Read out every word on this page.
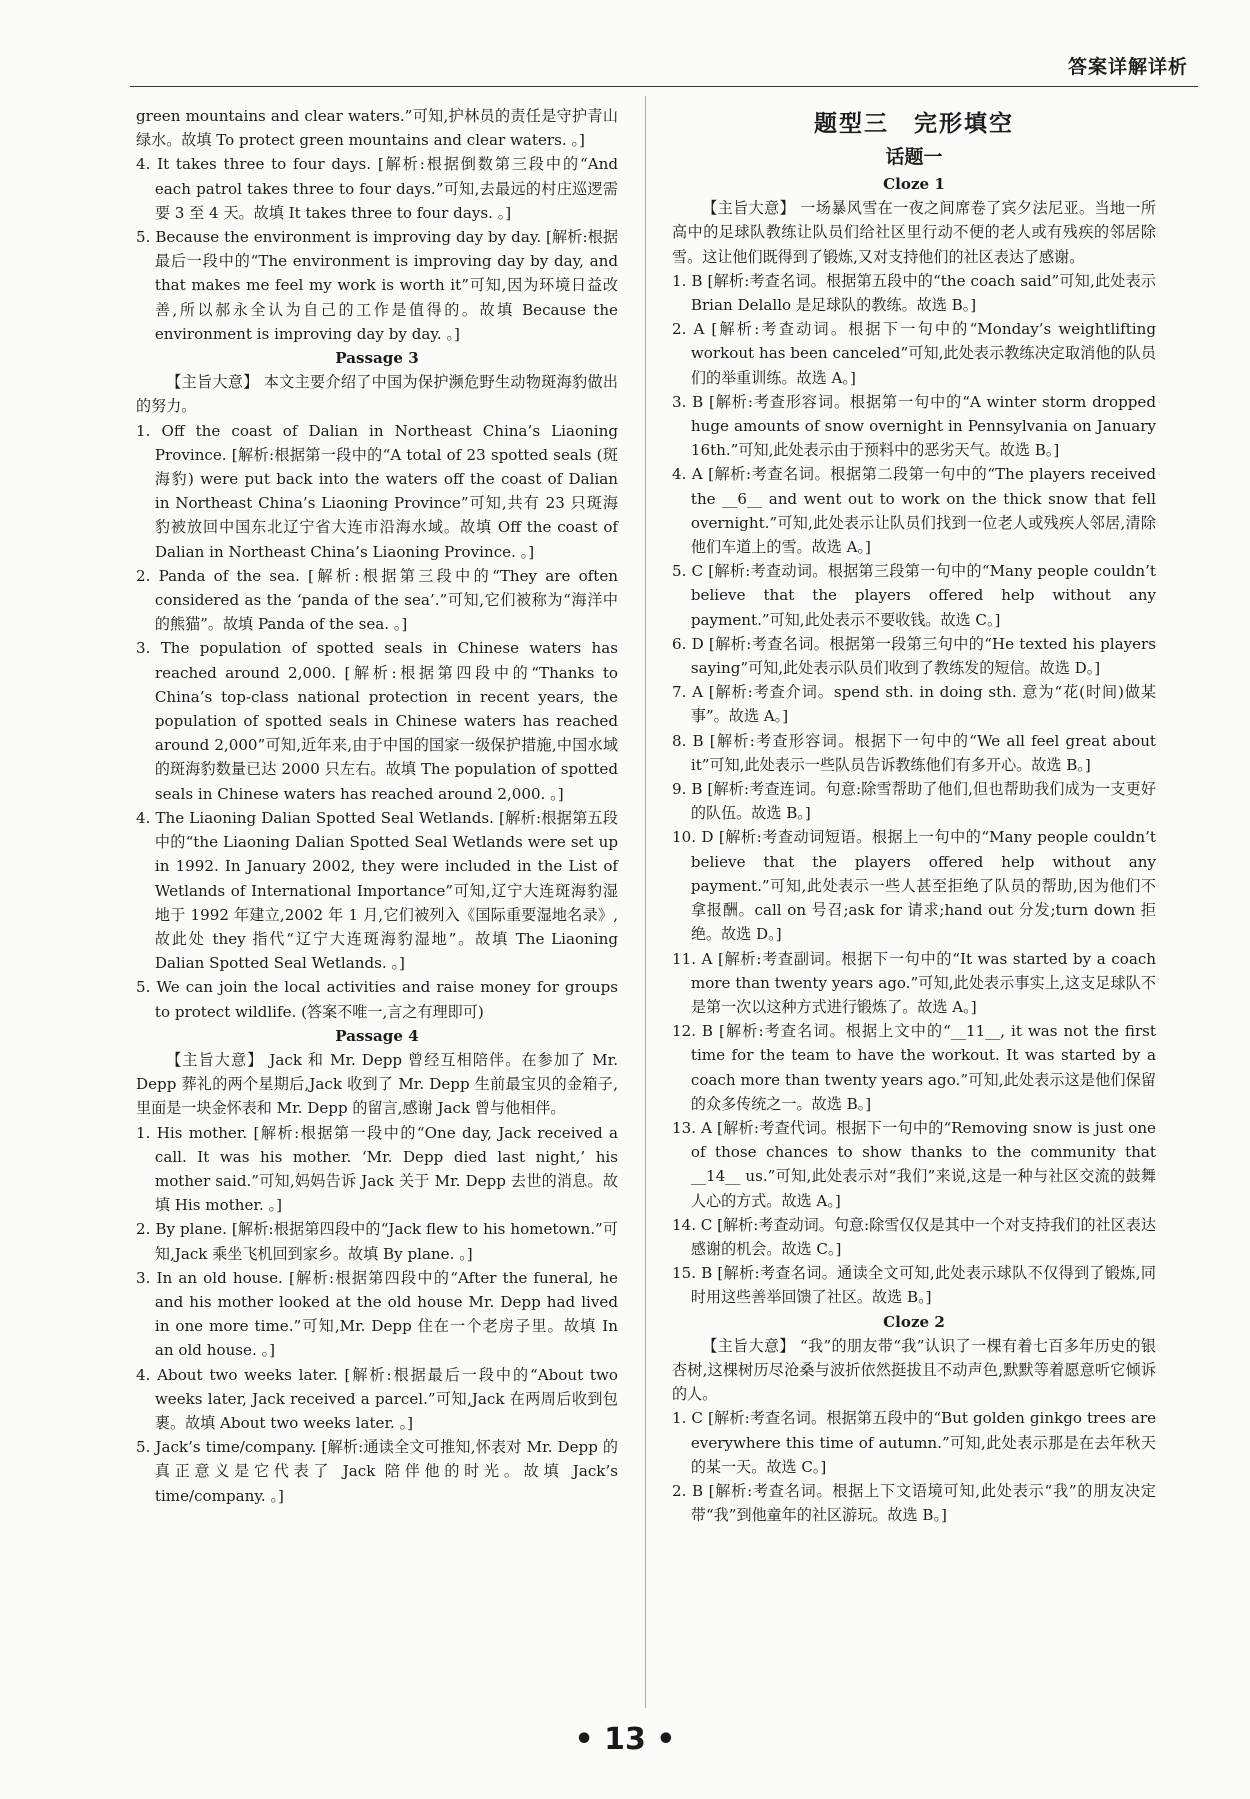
答案详解详析

green mountains and clear waters.”可知,护林员的责任是守护青山绿水。故填 To protect green mountains and clear waters. 。]

4. It takes three to four days. [解析:根据倒数第三段中的“And each patrol takes three to four days.”可知,去最远的村庄巡逻需要 3 至 4 天。故填 It takes three to four days. 。]

5. Because the environment is improving day by day. [解析:根据最后一段中的“The environment is improving day by day, and that makes me feel my work is worth it”可知,因为环境日益改善,所以郝永全认为自己的工作是值得的。故填 Because the environment is improving day by day. 。]

Passage 3

【主旨大意】 本文主要介绍了中国为保护濒危野生动物斑海豹做出的努力。

1. Off the coast of Dalian in Northeast China’s Liaoning Province. [解析:根据第一段中的“A total of 23 spotted seals (斑海豹) were put back into the waters off the coast of Dalian in Northeast China’s Liaoning Province”可知,共有 23 只斑海豹被放回中国东北辽宁省大连市沿海水域。故填 Off the coast of Dalian in Northeast China’s Liaoning Province. 。]

2. Panda of the sea. [解析:根据第三段中的“They are often considered as the ‘panda of the sea’.”可知,它们被称为“海洋中的熊猫”。故填 Panda of the sea. 。]

3. The population of spotted seals in Chinese waters has reached around 2,000. [解析:根据第四段中的“Thanks to China’s top-class national protection in recent years, the population of spotted seals in Chinese waters has reached around 2,000”可知,近年来,由于中国的国家一级保护措施,中国水域的斑海豹数量已达 2000 只左右。故填 The population of spotted seals in Chinese waters has reached around 2,000. 。]

4. The Liaoning Dalian Spotted Seal Wetlands. [解析:根据第五段中的“the Liaoning Dalian Spotted Seal Wetlands were set up in 1992. In January 2002, they were included in the List of Wetlands of International Importance”可知,辽宁大连斑海豹湿地于 1992 年建立,2002 年 1 月,它们被列入《国际重要湿地名录》,故此处 they 指代“辽宁大连斑海豹湿地”。故填 The Liaoning Dalian Spotted Seal Wetlands. 。]

5. We can join the local activities and raise money for groups to protect wildlife. (答案不唯一,言之有理即可)

Passage 4

【主旨大意】 Jack 和 Mr. Depp 曾经互相陪伴。在参加了 Mr. Depp 葬礼的两个星期后,Jack 收到了 Mr. Depp 生前最宝贝的金箱子,里面是一块金怀表和 Mr. Depp 的留言,感谢 Jack 曾与他相伴。

1. His mother. [解析:根据第一段中的“One day, Jack received a call. It was his mother. ‘Mr. Depp died last night,’ his mother said.”可知,妈妈告诉 Jack 关于 Mr. Depp 去世的消息。故填 His mother. 。]

2. By plane. [解析:根据第四段中的“Jack flew to his hometown.”可知,Jack 乘坐飞机回到家乡。故填 By plane. 。]

3. In an old house. [解析:根据第四段中的“After the funeral, he and his mother looked at the old house Mr. Depp had lived in one more time.”可知,Mr. Depp 住在一个老房子里。故填 In an old house. 。]

4. About two weeks later. [解析:根据最后一段中的“About two weeks later, Jack received a parcel.”可知,Jack 在两周后收到包裹。故填 About two weeks later. 。]

5. Jack’s time/company. [解析:通读全文可推知,怀表对 Mr. Depp 的真正意义是它代表了 Jack 陪伴他的时光。故填 Jack’s time/company. 。]

题型三　完形填空

话题一

Cloze 1

【主旨大意】 一场暴风雪在一夜之间席卷了宾夕法尼亚。当地一所高中的足球队教练让队员们给社区里行动不便的老人或有残疾的邻居除雪。这让他们既得到了锻炼,又对支持他们的社区表达了感谢。

1. B [解析:考查名词。根据第五段中的“the coach said”可知,此处表示 Brian Delallo 是足球队的教练。故选 B。]

2. A [解析:考查动词。根据下一句中的“Monday’s weightlifting workout has been canceled”可知,此处表示教练决定取消他的队员们的举重训练。故选 A。]

3. B [解析:考查形容词。根据第一句中的“A winter storm dropped huge amounts of snow overnight in Pennsylvania on January 16th.”可知,此处表示由于预料中的恶劣天气。故选 B。]

4. A [解析:考查名词。根据第二段第一句中的“The players received the __6__ and went out to work on the thick snow that fell overnight.”可知,此处表示让队员们找到一位老人或残疾人邻居,清除他们车道上的雪。故选 A。]

5. C [解析:考查动词。根据第三段第一句中的“Many people couldn’t believe that the players offered help without any payment.”可知,此处表示不要收钱。故选 C。]

6. D [解析:考查名词。根据第一段第三句中的“He texted his players saying”可知,此处表示队员们收到了教练发的短信。故选 D。]

7. A [解析:考查介词。spend sth. in doing sth. 意为“花(时间)做某事”。故选 A。]

8. B [解析:考查形容词。根据下一句中的“We all feel great about it”可知,此处表示一些队员告诉教练他们有多开心。故选 B。]

9. B [解析:考查连词。句意:除雪帮助了他们,但也帮助我们成为一支更好的队伍。故选 B。]

10. D [解析:考查动词短语。根据上一句中的“Many people couldn’t believe that the players offered help without any payment.”可知,此处表示一些人甚至拒绝了队员的帮助,因为他们不拿报酬。call on 号召;ask for 请求;hand out 分发;turn down 拒绝。故选 D。]

11. A [解析:考查副词。根据下一句中的“It was started by a coach more than twenty years ago.”可知,此处表示事实上,这支足球队不是第一次以这种方式进行锻炼了。故选 A。]

12. B [解析:考查名词。根据上文中的“__11__, it was not the first time for the team to have the workout. It was started by a coach more than twenty years ago.”可知,此处表示这是他们保留的众多传统之一。故选 B。]

13. A [解析:考查代词。根据下一句中的“Removing snow is just one of those chances to show thanks to the community that __14__ us.”可知,此处表示对“我们”来说,这是一种与社区交流的鼓舞人心的方式。故选 A。]

14. C [解析:考查动词。句意:除雪仅仅是其中一个对支持我们的社区表达感谢的机会。故选 C。]

15. B [解析:考查名词。通读全文可知,此处表示球队不仅得到了锻炼,同时用这些善举回馈了社区。故选 B。]

Cloze 2

【主旨大意】 “我”的朋友带“我”认识了一棵有着七百多年历史的银杏树,这棵树历尽沧桑与波折依然挺拔且不动声色,默默等着愿意听它倾诉的人。

1. C [解析:考查名词。根据第五段中的“But golden ginkgo trees are everywhere this time of autumn.”可知,此处表示那是在去年秋天的某一天。故选 C。]

2. B [解析:考查名词。根据上下文语境可知,此处表示“我”的朋友决定带“我”到他童年的社区游玩。故选 B。]

• 13 •
